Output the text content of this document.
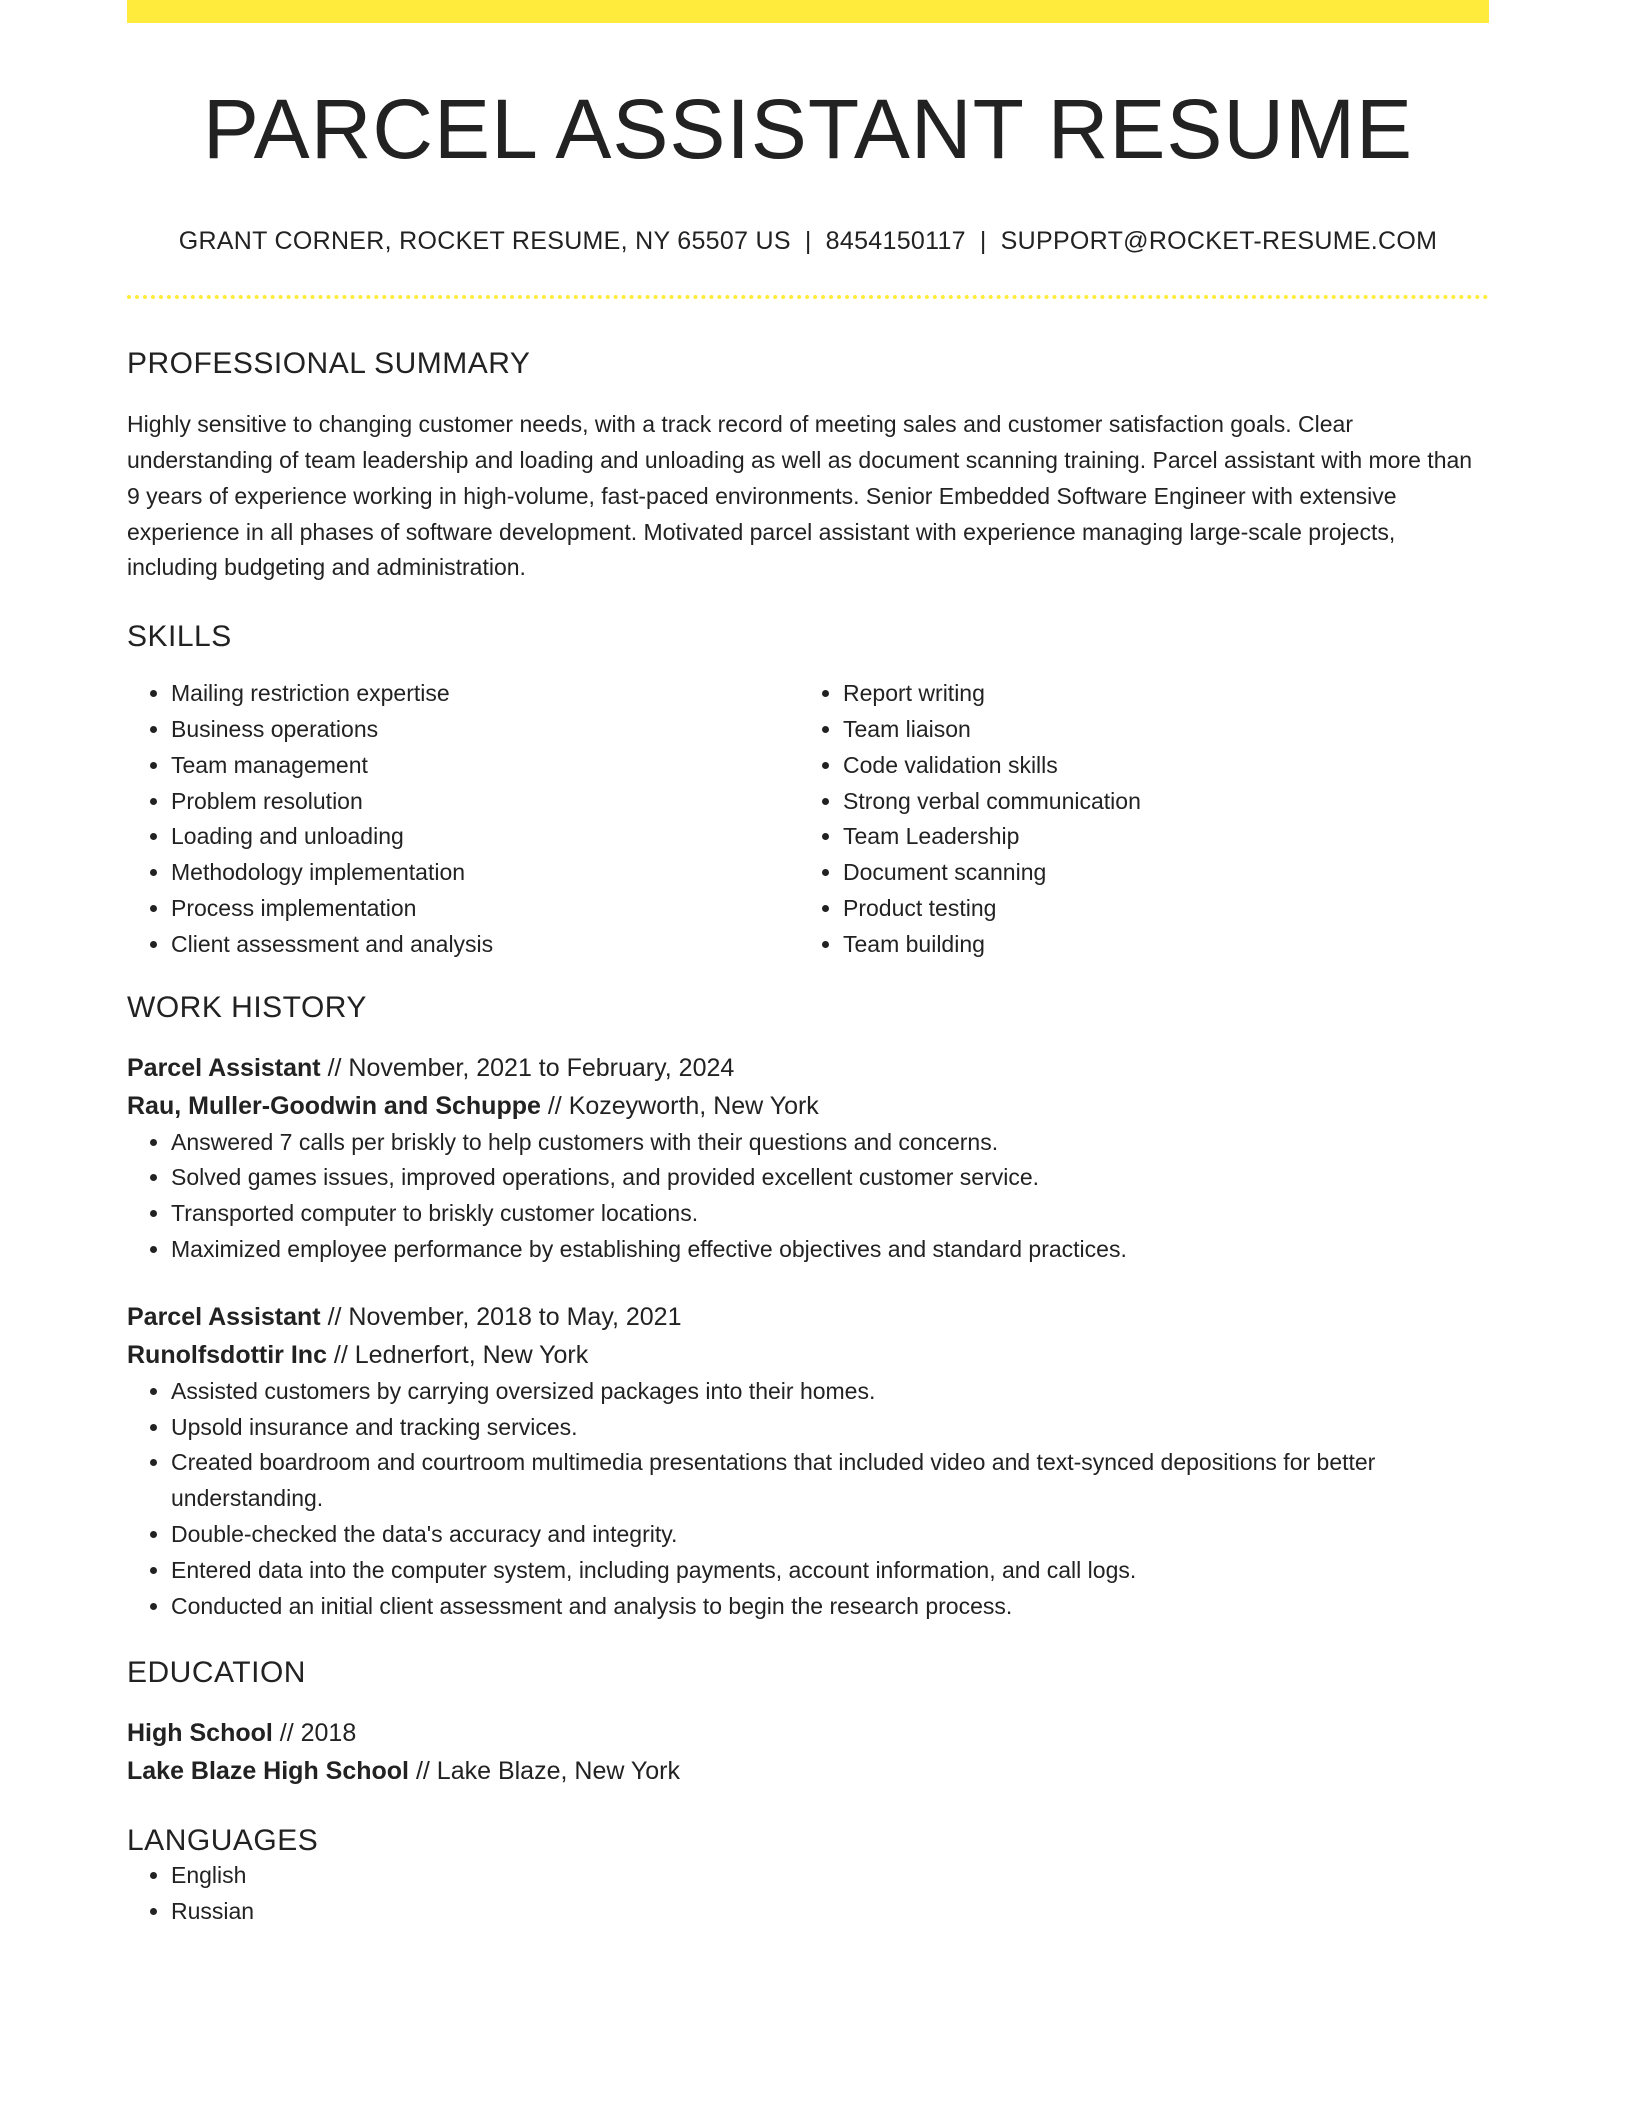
PARCEL ASSISTANT RESUME
GRANT CORNER, ROCKET RESUME, NY 65507 US | 8454150117 | SUPPORT@ROCKET-RESUME.COM
PROFESSIONAL SUMMARY

Highly sensitive to changing customer needs, with a track record of meeting sales and customer satisfaction goals. Clear understanding of team leadership and loading and unloading as well as document scanning training. Parcel assistant with more than 9 years of experience working in high-volume, fast-paced environments. Senior Embedded Software Engineer with extensive experience in all phases of software development. Motivated parcel assistant with experience managing large-scale projects, including budgeting and administration.

SKILLS
• Mailing restriction expertise
• Business operations
• Team management
• Problem resolution
• Loading and unloading
• Methodology implementation
• Process implementation
• Client assessment and analysis
• Report writing
• Team liaison
• Code validation skills
• Strong verbal communication
• Team Leadership
• Document scanning
• Product testing
• Team building
WORK HISTORY
Parcel Assistant // November, 2021 to February, 2024
Rau, Muller-Goodwin and Schuppe // Kozeyworth, New York
• Answered 7 calls per briskly to help customers with their questions and concerns.
• Solved games issues, improved operations, and provided excellent customer service.
• Transported computer to briskly customer locations.
• Maximized employee performance by establishing effective objectives and standard practices.
Parcel Assistant // November, 2018 to May, 2021
Runolfsdottir Inc // Lednerfort, New York
• Assisted customers by carrying oversized packages into their homes.
• Upsold insurance and tracking services.
• Created boardroom and courtroom multimedia presentations that included video and text-synced depositions for better understanding.
• Double-checked the data's accuracy and integrity.
• Entered data into the computer system, including payments, account information, and call logs.
• Conducted an initial client assessment and analysis to begin the research process.
EDUCATION
High School // 2018
Lake Blaze High School // Lake Blaze, New York
LANGUAGES
• English
• Russian
